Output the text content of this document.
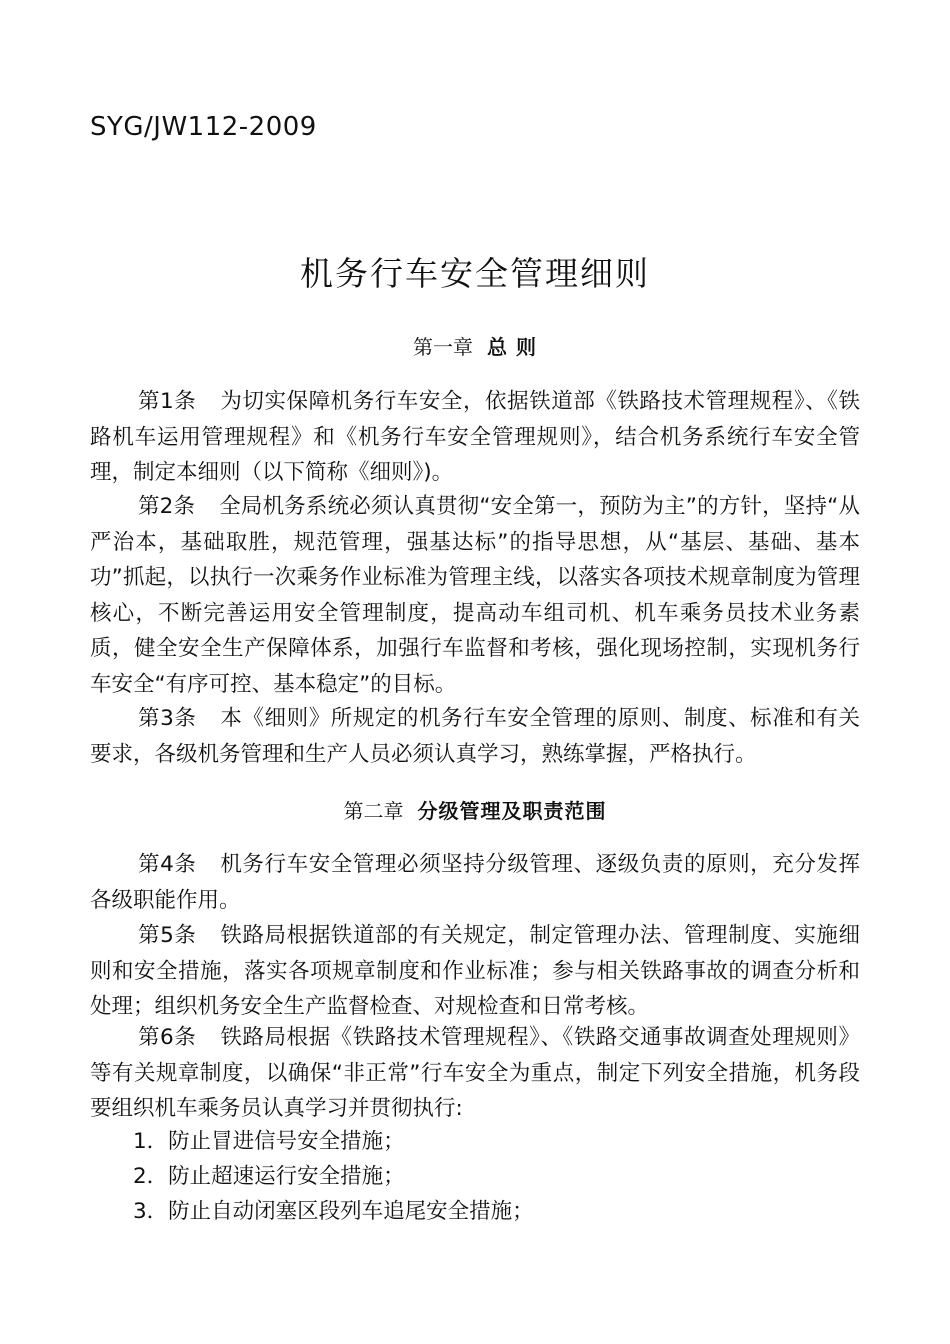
SYG/JW112-2009
机务行车安全管理细则
第一章 总 则

第1条 为切实保障机务行车安全，依据铁道部《铁路技术管理规程》、《铁路机车运用管理规程》和《机务行车安全管理规则》，结合机务系统行车安全管理，制定本细则（以下简称《细则》)。

第2条 全局机务系统必须认真贯彻“安全第一，预防为主”的方针，坚持“从严治本，基础取胜，规范管理，强基达标”的指导思想，从“基层、基础、基本功”抓起，以执行一次乘务作业标准为管理主线，以落实各项技术规章制度为管理核心，不断完善运用安全管理制度，提高动车组司机、机车乘务员技术业务素质，健全安全生产保障体系，加强行车监督和考核，强化现场控制，实现机务行车安全“有序可控、基本稳定”的目标。

第3条 本《细则》所规定的机务行车安全管理的原则、制度、标准和有关要求，各级机务管理和生产人员必须认真学习，熟练掌握，严格执行。

第二章 分级管理及职责范围

第4条 机务行车安全管理必须坚持分级管理、逐级负责的原则，充分发挥各级职能作用。

第5条 铁路局根据铁道部的有关规定，制定管理办法、管理制度、实施细则和安全措施，落实各项规章制度和作业标准；参与相关铁路事故的调查分析和处理；组织机务安全生产监督检查、对规检查和日常考核。

第6条 铁路局根据《铁路技术管理规程》、《铁路交通事故调查处理规则》等有关规章制度，以确保“非正常”行车安全为重点，制定下列安全措施，机务段要组织机车乘务员认真学习并贯彻执行:

1．防止冒进信号安全措施；
2．防止超速运行安全措施；
3．防止自动闭塞区段列车追尾安全措施；
